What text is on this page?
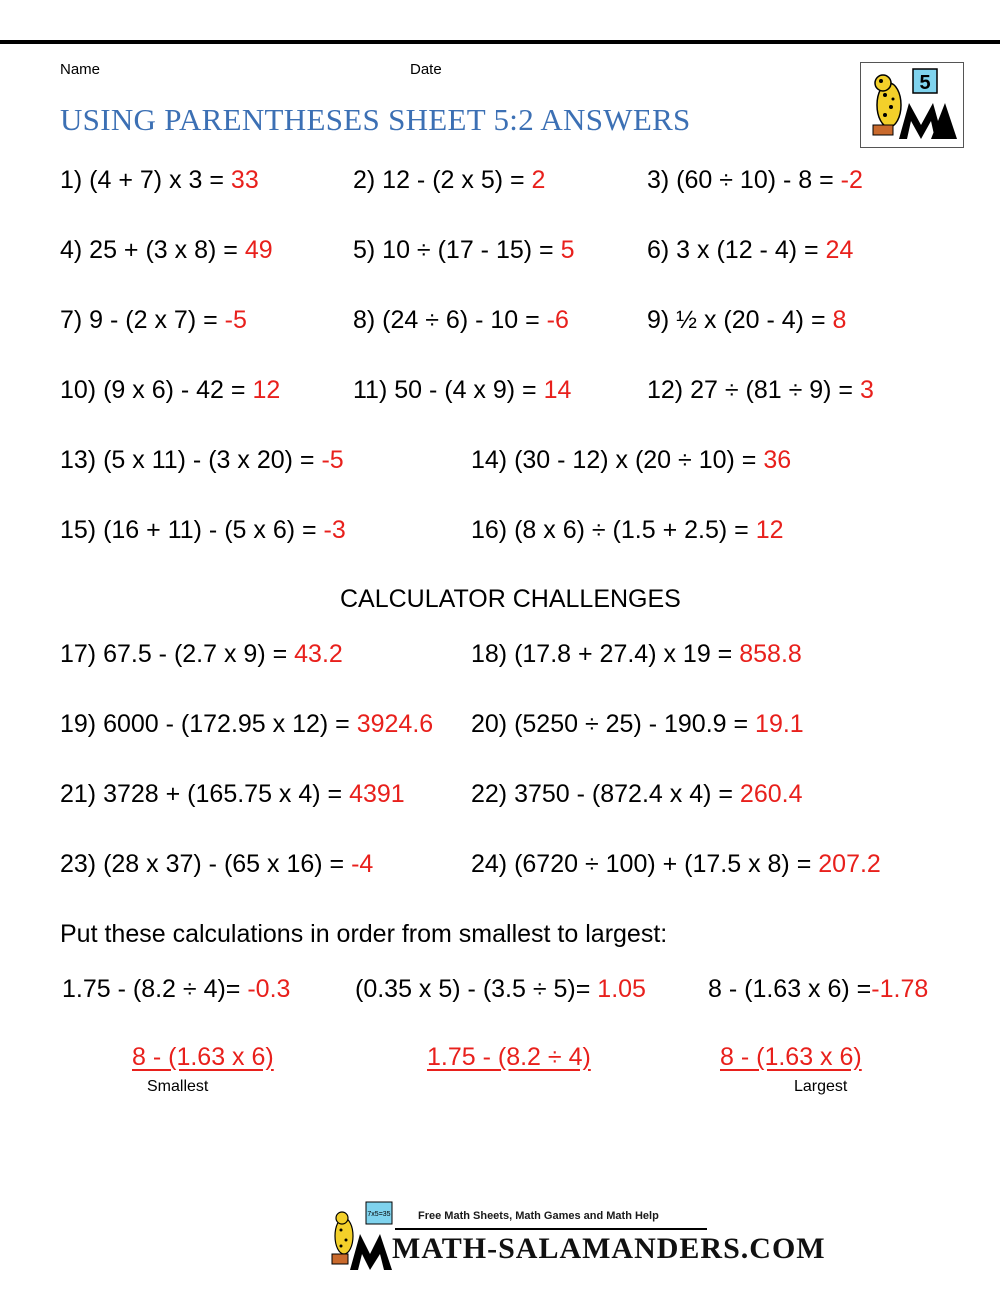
Name	Date
USING PARENTHESES SHEET 5:2 ANSWERS
5
1) (4 + 7) x 3 = 33	2) 12 - (2 x 5) = 2	3) (60 ÷ 10) - 8 = -2
4) 25 + (3 x 8) = 49	5) 10 ÷ (17 - 15) = 5	6) 3 x (12 - 4) = 24
7) 9 - (2 x 7) = -5	8) (24 ÷ 6) - 10 = -6	9) ½ x (20 - 4) = 8
10) (9 x 6) - 42 = 12	11) 50 - (4 x 9) = 14	12) 27 ÷ (81 ÷ 9) = 3
13) (5 x 11) - (3 x 20) = -5	14) (30 - 12) x (20 ÷ 10) = 36
15) (16 + 11) - (5 x 6) = -3	16) (8 x 6) ÷ (1.5 + 2.5) = 12
CALCULATOR CHALLENGES
17) 67.5 - (2.7 x 9) = 43.2	18) (17.8 + 27.4) x 19 = 858.8
19) 6000 - (172.95 x 12) = 3924.6 20) (5250 ÷ 25) - 190.9 = 19.1
21) 3728 + (165.75 x 4) = 4391	22) 3750 - (872.4 x 4) = 260.4
23) (28 x 37) - (65 x 16) = -4	24) (6720 ÷ 100) + (17.5 x 8) = 207.2
Put these calculations in order from smallest to largest:
1.75 - (8.2 ÷ 4)= -0.3	(0.35 x 5) - (3.5 ÷ 5)= 1.05 8 - (1.63 x 6) =-1.78
8 - (1.63 x 6)	1.75 - (8.2 ÷ 4)	8 - (1.63 x 6)
Smallest	Largest
7x5=35 Free Math Sheets, Math Games and Math Help
MATH-SALAMANDERS.COM
